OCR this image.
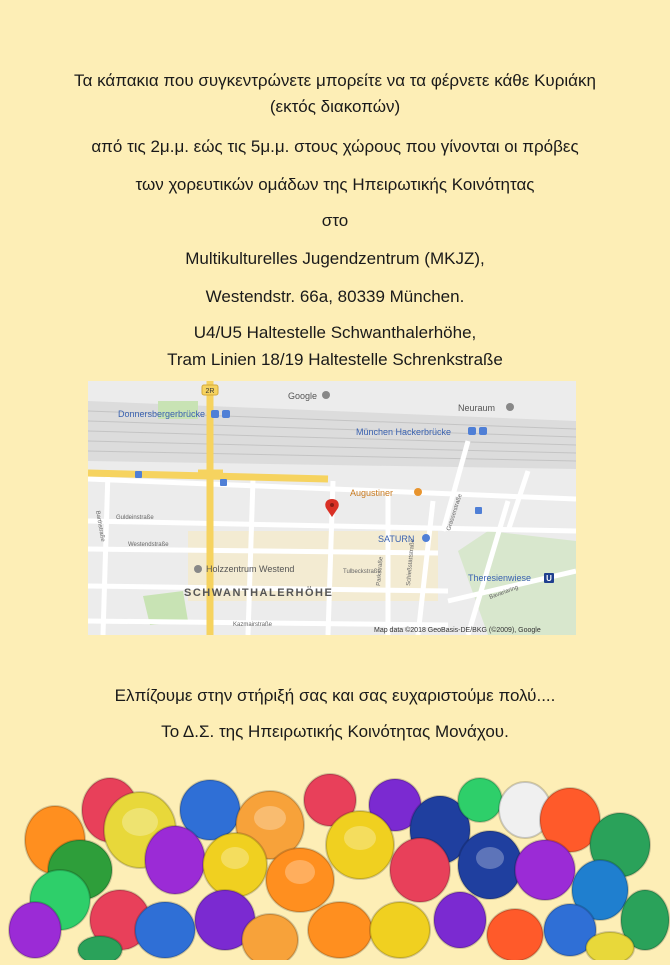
Τα κάπακια που συγκεντρώνετε μπορείτε να τα φέρνετε κάθε Κυριάκη
(εκτός διακοπών)
από τις 2μ.μ. εώς τις 5μ.μ. στους χώρους που γίνονται οι πρόβες
των χορευτικών ομάδων της Ηπειρωτικής Κοινότητας
στο
Multikulturelles Jugendzentrum (MKJZ),
Westendstr. 66a, 80339 München.
U4/U5 Haltestelle Schwanthalerhöhe,
Tram Linien 18/19 Haltestelle Schrenkstraße
2R
Barthstraße Guldeinstraße
Westendstraße
Tulbeckstraße
Parkstraße	Schießstättstraße
Grasserstraße
Bavariaring
Kazmairstraße
Google
Donnersbergerbrücke
Neuraum
München Hackerbrücke
Augustiner
SATURN
Holzzentrum Westend
SCHWANTHALERHÖHE
Theresienwiese U
Map data ©2018 GeoBasis-DE/BKG (©2009), Google
Ελπίζουμε στην στήριξή σας και σας ευχαριστούμε πολύ....
Το Δ.Σ. της Ηπειρωτικής Κοινότητας Μονάχου.
